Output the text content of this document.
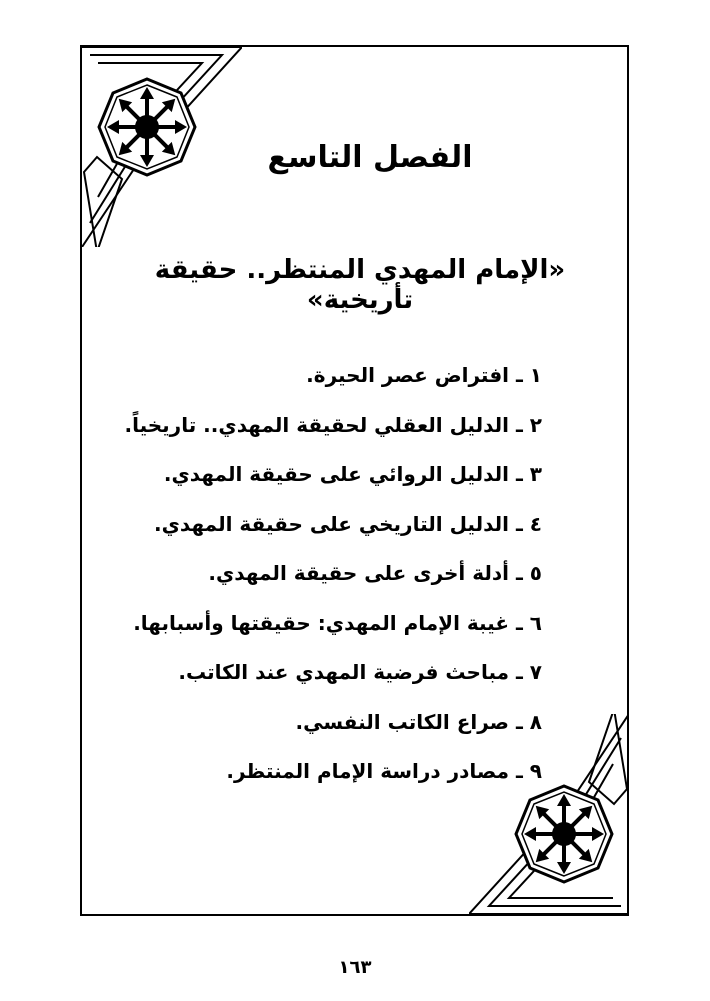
الفصل التاسع
«الإمام المهدي المنتظر.. حقيقة تأريخية»
١ ـ افتراض عصر الحيرة.
٢ ـ الدليل العقلي لحقيقة المهدي.. تاريخياً.
٣ ـ الدليل الروائي على حقيقة المهدي.
٤ ـ الدليل التاريخي على حقيقة المهدي.
٥ ـ أدلة أخرى على حقيقة المهدي.
٦ ـ غيبة الإمام المهدي: حقيقتها وأسبابها.
٧ ـ مباحث فرضية المهدي عند الكاتب.
٨ ـ صراع الكاتب النفسي.
٩ ـ مصادر دراسة الإمام المنتظر.
١٦٣
